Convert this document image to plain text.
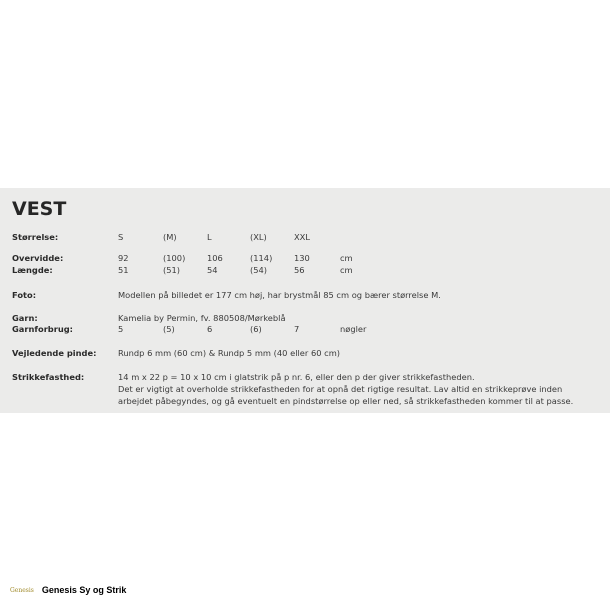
VEST
Størrelse:	S	(M)	L	(XL)	XXL
Overvidde:	92	(100)	106	(114)	130	cm
Længde:	51	(51)	54	(54)	56	cm
Foto:	Modellen på billedet er 177 cm høj, har brystmål 85 cm og bærer størrelse M.
Garn:	Kamelia by Permin, fv. 880508/Mørkeblå
Garnforbrug:	5	(5)	6	(6)	7	nøgler
Vejledende pinde:	Rundp 6 mm (60 cm) & Rundp 5 mm (40 eller 60 cm)
Strikkefasthed:	14 m x 22 p = 10 x 10 cm i glatstrik på p nr. 6, eller den p der giver strikkefastheden.
Det er vigtigt at overholde strikkefastheden for at opnå det rigtige resultat. Lav altid en strikkeprøve inden
arbejdet påbegyndes, og gå eventuelt en pindstørrelse op eller ned, så strikkefastheden kommer til at passe.
Genesis Genesis Sy og Strik
